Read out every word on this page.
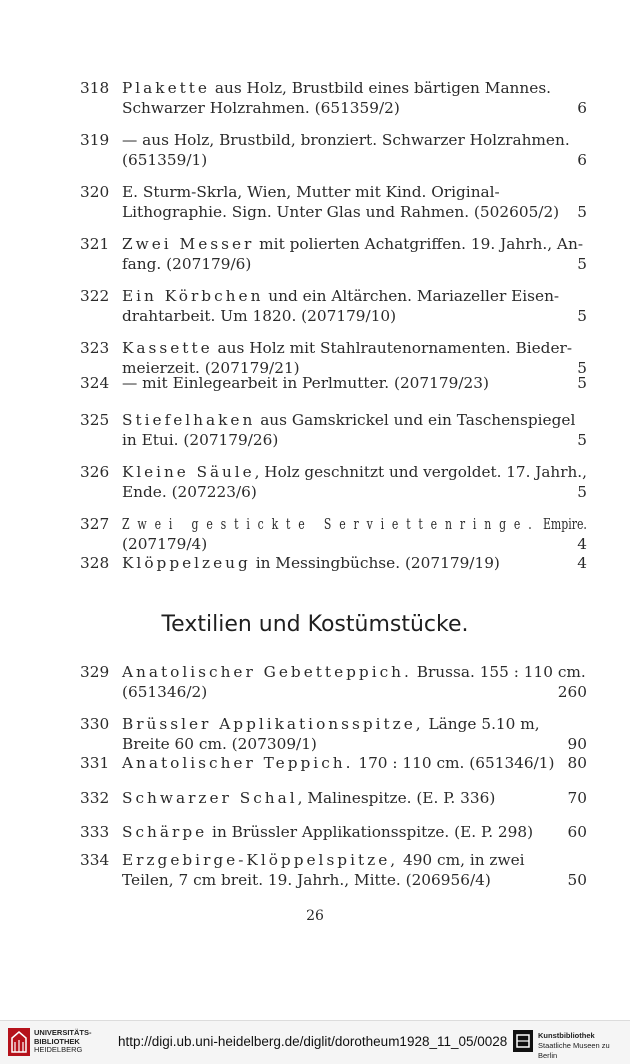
318 Plakette aus Holz, Brustbild eines bärtigen Mannes.
Schwarzer Holzrahmen. (651359/2)	6
319 — aus Holz, Brustbild, bronziert. Schwarzer Holzrahmen.
(651359/1)	6
320 E. Sturm-Skrla, Wien, Mutter mit Kind. Original-
Lithographie. Sign. Unter Glas und Rahmen. (502605/2) 5
321 Zwei Messer mit polierten Achatgriffen. 19. Jahrh., An-
fang. (207179/6)	5
322 Ein Körbchen und ein Altärchen. Mariazeller Eisen-
drahtarbeit. Um 1820. (207179/10)	5
323 Kassette aus Holz mit Stahlrautenornamenten. Bieder-
meierzeit. (207179/21)	5
324 — mit Einlegearbeit in Perlmutter. (207179/23)	5
325 Stiefelhaken aus Gamskrickel und ein Taschenspiegel
in Etui. (207179/26)	5
326 Kleine Säule, Holz geschnitzt und vergoldet. 17. Jahrh.,
Ende. (207223/6)	5
327 Zwei gestickte Serviettenringe. Empire.
(207179/4)	4
328 Klöppelzeug in Messingbüchse. (207179/19)	4
329 Anatolischer Gebetteppich. Brussa. 155 : 110 cm.
(651346/2)	260
330 Brüssler Applikationsspitze, Länge 5.10 m,
Breite 60 cm. (207309/1)	90
331 Anatolischer Teppich. 170 : 110 cm. (651346/1) 80
332 Schwarzer Schal, Malinespitze. (E. P. 336)	70
333 Schärpe in Brüssler Applikationsspitze. (E. P. 298) 60
334 Erzgebirge-Klöppelspitze, 490 cm, in zwei
Teilen, 7 cm breit. 19. Jahrh., Mitte. (206956/4)	50
Textilien und Kostümstücke.
26
UNIVERSITÄTS-
BIBLIOTHEK
HEIDELBERG
http://digi.ub.uni-heidelberg.de/diglit/dorotheum1928_11_05/0028	Kunstbibliothek
Staatliche Museen zu Berlin
